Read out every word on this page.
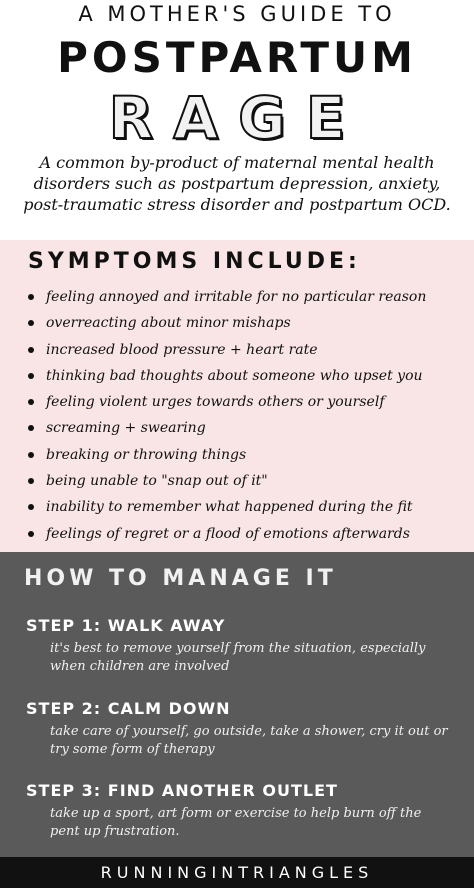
A MOTHER'S GUIDE TO
POSTPARTUM
RAGE
A common by-product of maternal mental health disorders such as postpartum depression, anxiety, post-traumatic stress disorder and postpartum OCD.
SYMPTOMS INCLUDE:
feeling annoyed and irritable for no particular reason
overreacting about minor mishaps
increased blood pressure + heart rate
thinking bad thoughts about someone who upset you
feeling violent urges towards others or yourself
screaming + swearing
breaking or throwing things
being unable to "snap out of it"
inability to remember what happened during the fit
feelings of regret or a flood of emotions afterwards
HOW TO MANAGE IT
STEP 1: WALK AWAY
it's best to remove yourself from the situation, especially when children are involved
STEP 2: CALM DOWN
take care of yourself, go outside, take a shower, cry it out or try some form of therapy
STEP 3: FIND ANOTHER OUTLET
take up a sport, art form or exercise to help burn off the pent up frustration.
RUNNINGINTRIANGLES
